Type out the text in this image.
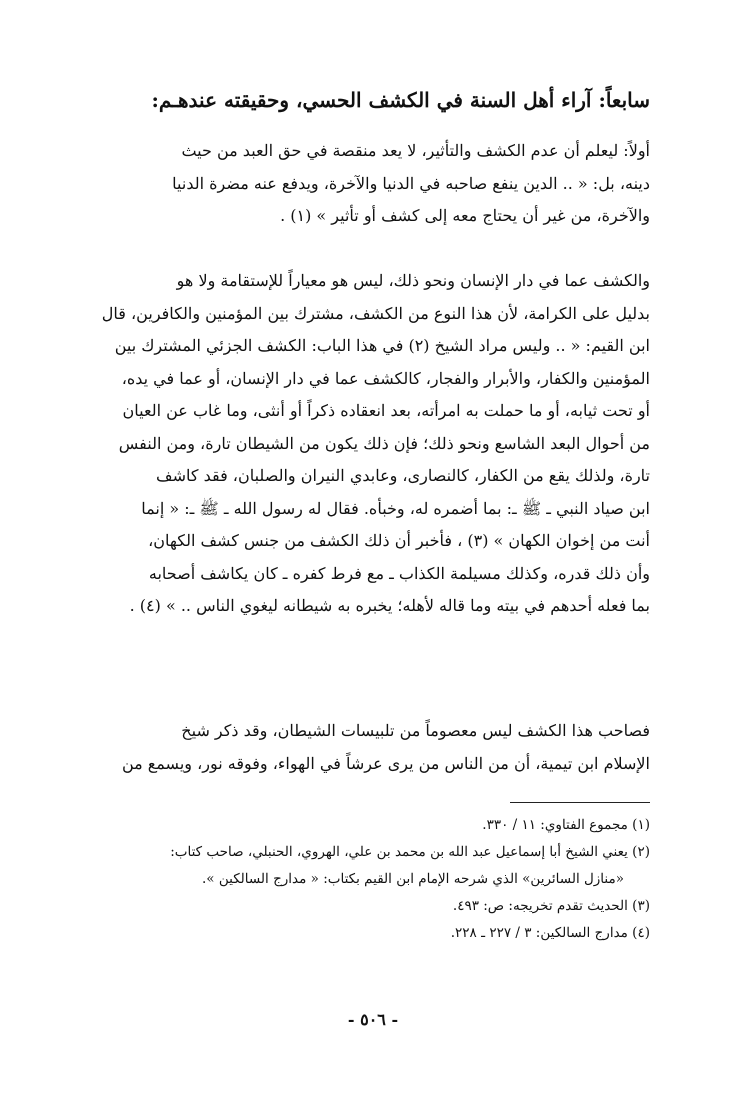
سابعاً: آراء أهل السنة في الكشف الحسي، وحقيقته عندهـم:
أولاً: ليعلم أن عدم الكشف والتأثير، لا يعد منقصة في حق العبد من حيث
دينه، بل: « .. الدين ينفع صاحبه في الدنيا والآخرة، ويدفع عنه مضرة الدنيا
والآخرة، من غير أن يحتاج معه إلى كشف أو تأثير » (١) .
والكشف عما في دار الإنسان ونحو ذلك، ليس هو معياراً للإستقامة ولا هو
بدليل على الكرامة، لأن هذا النوع من الكشف، مشترك بين المؤمنين والكافرين، قال
ابن القيم: « .. وليس مراد الشيخ (٢) في هذا الباب: الكشف الجزئي المشترك بين
المؤمنين والكفار، والأبرار والفجار، كالكشف عما في دار الإنسان، أو عما في يده،
أو تحت ثيابه، أو ما حملت به امرأته، بعد انعقاده ذكراً أو أنثى، وما غاب عن العيان
من أحوال البعد الشاسع ونحو ذلك؛ فإن ذلك يكون من الشيطان تارة، ومن النفس
تارة، ولذلك يقع من الكفار، كالنصارى، وعابدي النيران والصلبان، فقد كاشف
ابن صياد النبي ـ ﷺ ـ: بما أضمره له، وخبأه. فقال له رسول الله ـ ﷺ ـ: « إنما
أنت من إخوان الكهان » (٣) ، فأخبر أن ذلك الكشف من جنس كشف الكهان،
وأن ذلك قدره، وكذلك مسيلمة الكذاب ـ مع فرط كفره ـ كان يكاشف أصحابه
بما فعله أحدهم في بيته وما قاله لأهله؛ يخبره به شيطانه ليغوي الناس .. » (٤) .
فصاحب هذا الكشف ليس معصوماً من تلبيسات الشيطان، وقد ذكر شيخ
الإسلام ابن تيمية، أن من الناس من يرى عرشاً في الهواء، وفوقه نور، ويسمع من
(١) مجموع الفتاوي: ١١ / ٣٣٠.
(٢) يعني الشيخ أبا إسماعيل عبد الله بن محمد بن علي، الهروي، الحنبلي، صاحب كتاب:
«منازل السائرين» الذي شرحه الإمام ابن القيم بكتاب: « مدارج السالكين ».
(٣) الحديث تقدم تخريجه: ص: ٤٩٣.
(٤) مدارج السالكين: ٣ / ٢٢٧ ـ ٢٢٨.
- ٥٠٦ -
